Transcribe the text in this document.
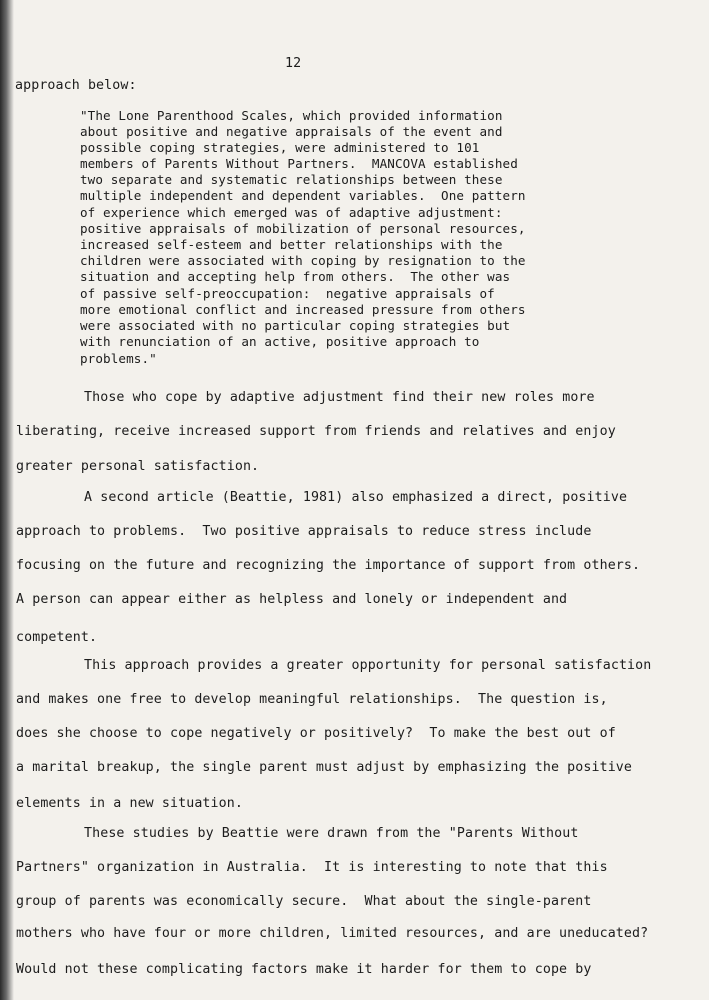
12
approach below:
"The Lone Parenthood Scales, which provided information
about positive and negative appraisals of the event and
possible coping strategies, were administered to 101
members of Parents Without Partners.  MANCOVA established
two separate and systematic relationships between these
multiple independent and dependent variables.  One pattern
of experience which emerged was of adaptive adjustment:
positive appraisals of mobilization of personal resources,
increased self-esteem and better relationships with the
children were associated with coping by resignation to the
situation and accepting help from others.  The other was
of passive self-preoccupation:  negative appraisals of
more emotional conflict and increased pressure from others
were associated with no particular coping strategies but
with renunciation of an active, positive approach to
problems."
Those who cope by adaptive adjustment find their new roles more
liberating, receive increased support from friends and relatives and enjoy
greater personal satisfaction.
A second article (Beattie, 1981) also emphasized a direct, positive
approach to problems.  Two positive appraisals to reduce stress include
focusing on the future and recognizing the importance of support from others.
A person can appear either as helpless and lonely or independent and
competent.
This approach provides a greater opportunity for personal satisfaction
and makes one free to develop meaningful relationships.  The question is,
does she choose to cope negatively or positively?  To make the best out of
a marital breakup, the single parent must adjust by emphasizing the positive
elements in a new situation.
These studies by Beattie were drawn from the "Parents Without
Partners" organization in Australia.  It is interesting to note that this
group of parents was economically secure.  What about the single-parent
mothers who have four or more children, limited resources, and are uneducated?
Would not these complicating factors make it harder for them to cope by
